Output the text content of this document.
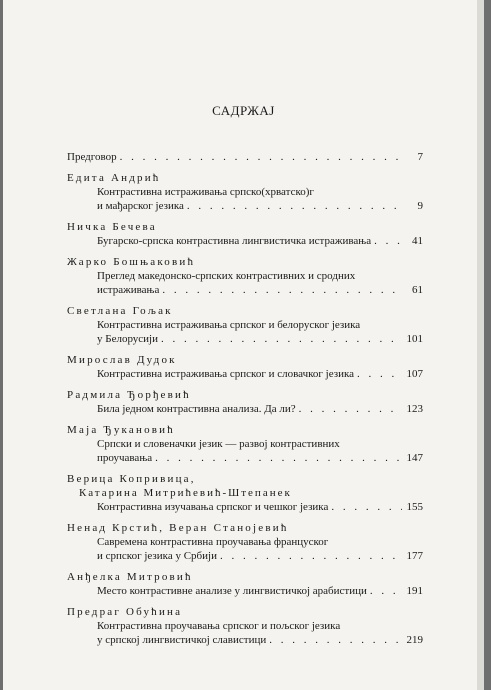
САДРЖАЈ
Предговор . . .	7
Едита Андрић
Контрастивна истраживања српско(хрватско)г
и мађарског језика . . .	9
Ничка Бечева
Бугарско-српска контрастивна лингвистичка истраживања . . .	41
Жарко Бошњаковић
Преглед македонско-српских контрастивних и сродних
истраживања . . .	61
Светлана Гољак
Контрастивна истраживања српског и белоруског језика
у Белорусији . . .	101
Мирослав Дудок
Контрастивна истраживања српског и словачког језика . . .	107
Радмила Ђорђевић
Била једном контрастивна анализа. Да ли? . . .	123
Маја Ђукановић
Српски и словеначки језик — развој контрастивних
проучавања . . .	147
Верица Копривица,
Катарина Митрићевић-Штепанек
Контрастивна изучавања српског и чешког језика . . .	155
Ненад Крстић, Веран Станојевић
Савремена контрастивна проучавања француског
и српског језика у Србији . . .	177
Анђелка Митровић
Место контрастивне анализе у лингвистичкој арабистици . . .	191
Предраг Обућина
Контрастивна проучавања српског и пољског језика
у српској лингвистичкој славистици . . .	219
